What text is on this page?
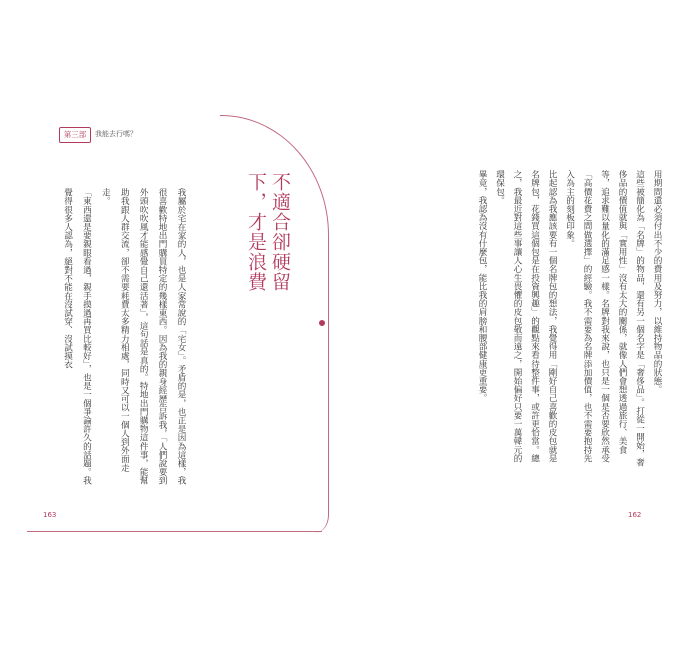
第三部	我能去行嗎？
不適合卻硬留下，才是浪費

我屬於宅在家的人，也是人家常說的「宅女」。矛盾的是，也正是因為這樣，我很喜歡特地出門購買特定的幾樣東西。因為我的親身經歷告訴我，「人們說要到外頭吹吹風才能感覺自己還活著」，這句話是真的。特地出門購物這件事，能幫助我跟人群交流，卻不需要耗費太多精力相處，同時又可以一個人到外面走走。

「東西還是要親眼看過，親手摸過再買比較好」，也是一個爭論許久的話題。我覺得很多人認為，絕對不能在沒試穿、沒試摸衣	用期間還必須付出不少的費用及努力，以維持物品的狀態。

這些被簡化為「名牌」的物品，還有另一個名字是「奢侈品」。打從一開始，奢侈品的價值就與「實用性」沒有太大的關係，就像人們會想透過旅行、美食等，追求難以量化的滿足感一樣。名牌對我來說，也只是一個是否要欣然承受「高價花費之間做選擇」的經驗。我不需要為名牌添加價值，也不需要抱持先入為主的刻板印象。

比起認為我應該要有一個名牌包的想法，我覺得用「剛好自己喜歡的皮包就是名牌包，花錢買這個包是在投資興趣」的觀點來看待整件事，或許更恰當。總之，我最近對這些事讓人心生畏懼的皮包敬而遠之，開始偏好只要一萬韓元的環保包。

畢竟，我認為沒有什麼包，能比我的肩膀和腰部健康更重要。

163	162
